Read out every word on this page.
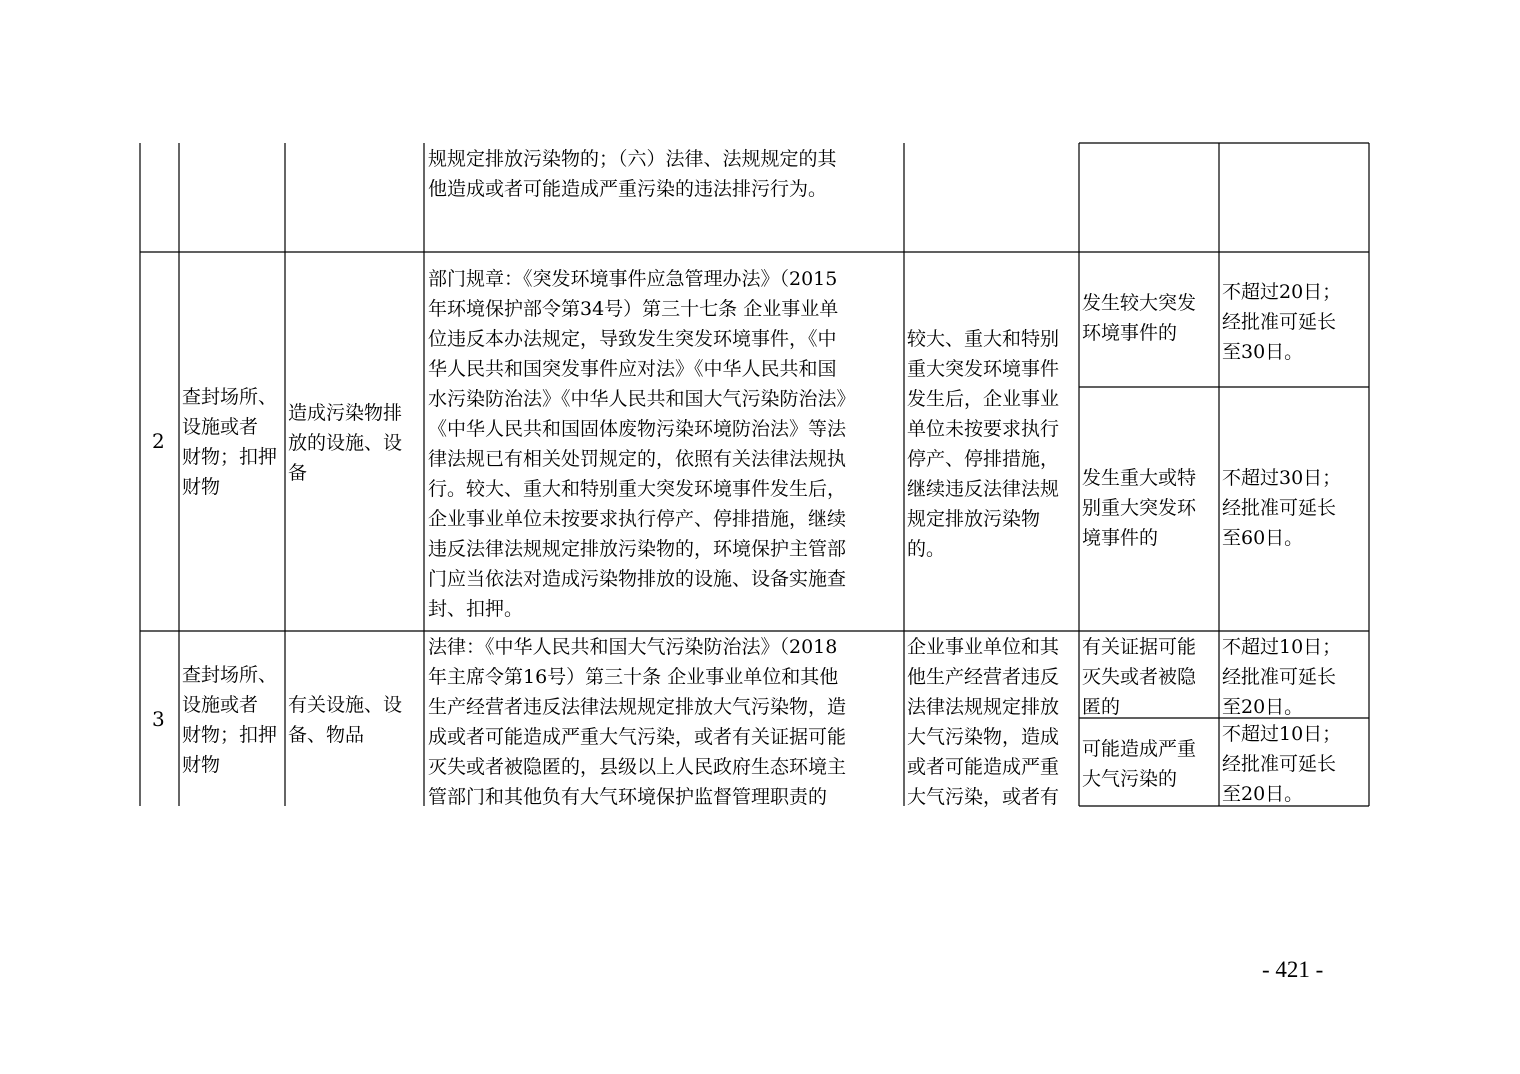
规规定排放污染物的；（六）法律、法规规定的其
他造成或者可能造成严重污染的违法排污行为。
2
查封场所、
设施或者
财物；扣押
财物
造成污染物排
放的设施、设
备
部门规章：《突发环境事件应急管理办法》（2015
年环境保护部令第34号）第三十七条 企业事业单
位违反本办法规定，导致发生突发环境事件，《中
华人民共和国突发事件应对法》《中华人民共和国
水污染防治法》《中华人民共和国大气污染防治法》
《中华人民共和国固体废物污染环境防治法》等法
律法规已有相关处罚规定的，依照有关法律法规执
行。较大、重大和特别重大突发环境事件发生后，
企业事业单位未按要求执行停产、停排措施，继续
违反法律法规规定排放污染物的，环境保护主管部
门应当依法对造成污染物排放的设施、设备实施查
封、扣押。
较大、重大和特别
重大突发环境事件
发生后，企业事业
单位未按要求执行
停产、停排措施，
继续违反法律法规
规定排放污染物
的。
发生较大突发
环境事件的
不超过20日；
经批准可延长
至30日。
发生重大或特
别重大突发环
境事件的
不超过30日；
经批准可延长
至60日。
3
查封场所、
设施或者
财物；扣押
财物
有关设施、设
备、物品
法律：《中华人民共和国大气污染防治法》（2018
年主席令第16号）第三十条 企业事业单位和其他
生产经营者违反法律法规规定排放大气污染物，造
成或者可能造成严重大气污染，或者有关证据可能
灭失或者被隐匿的，县级以上人民政府生态环境主
管部门和其他负有大气环境保护监督管理职责的
企业事业单位和其
他生产经营者违反
法律法规规定排放
大气污染物，造成
或者可能造成严重
大气污染，或者有
有关证据可能
灭失或者被隐
匿的
不超过10日；
经批准可延长
至20日。
可能造成严重
大气污染的
不超过10日；
经批准可延长
至20日。
- 421 -
